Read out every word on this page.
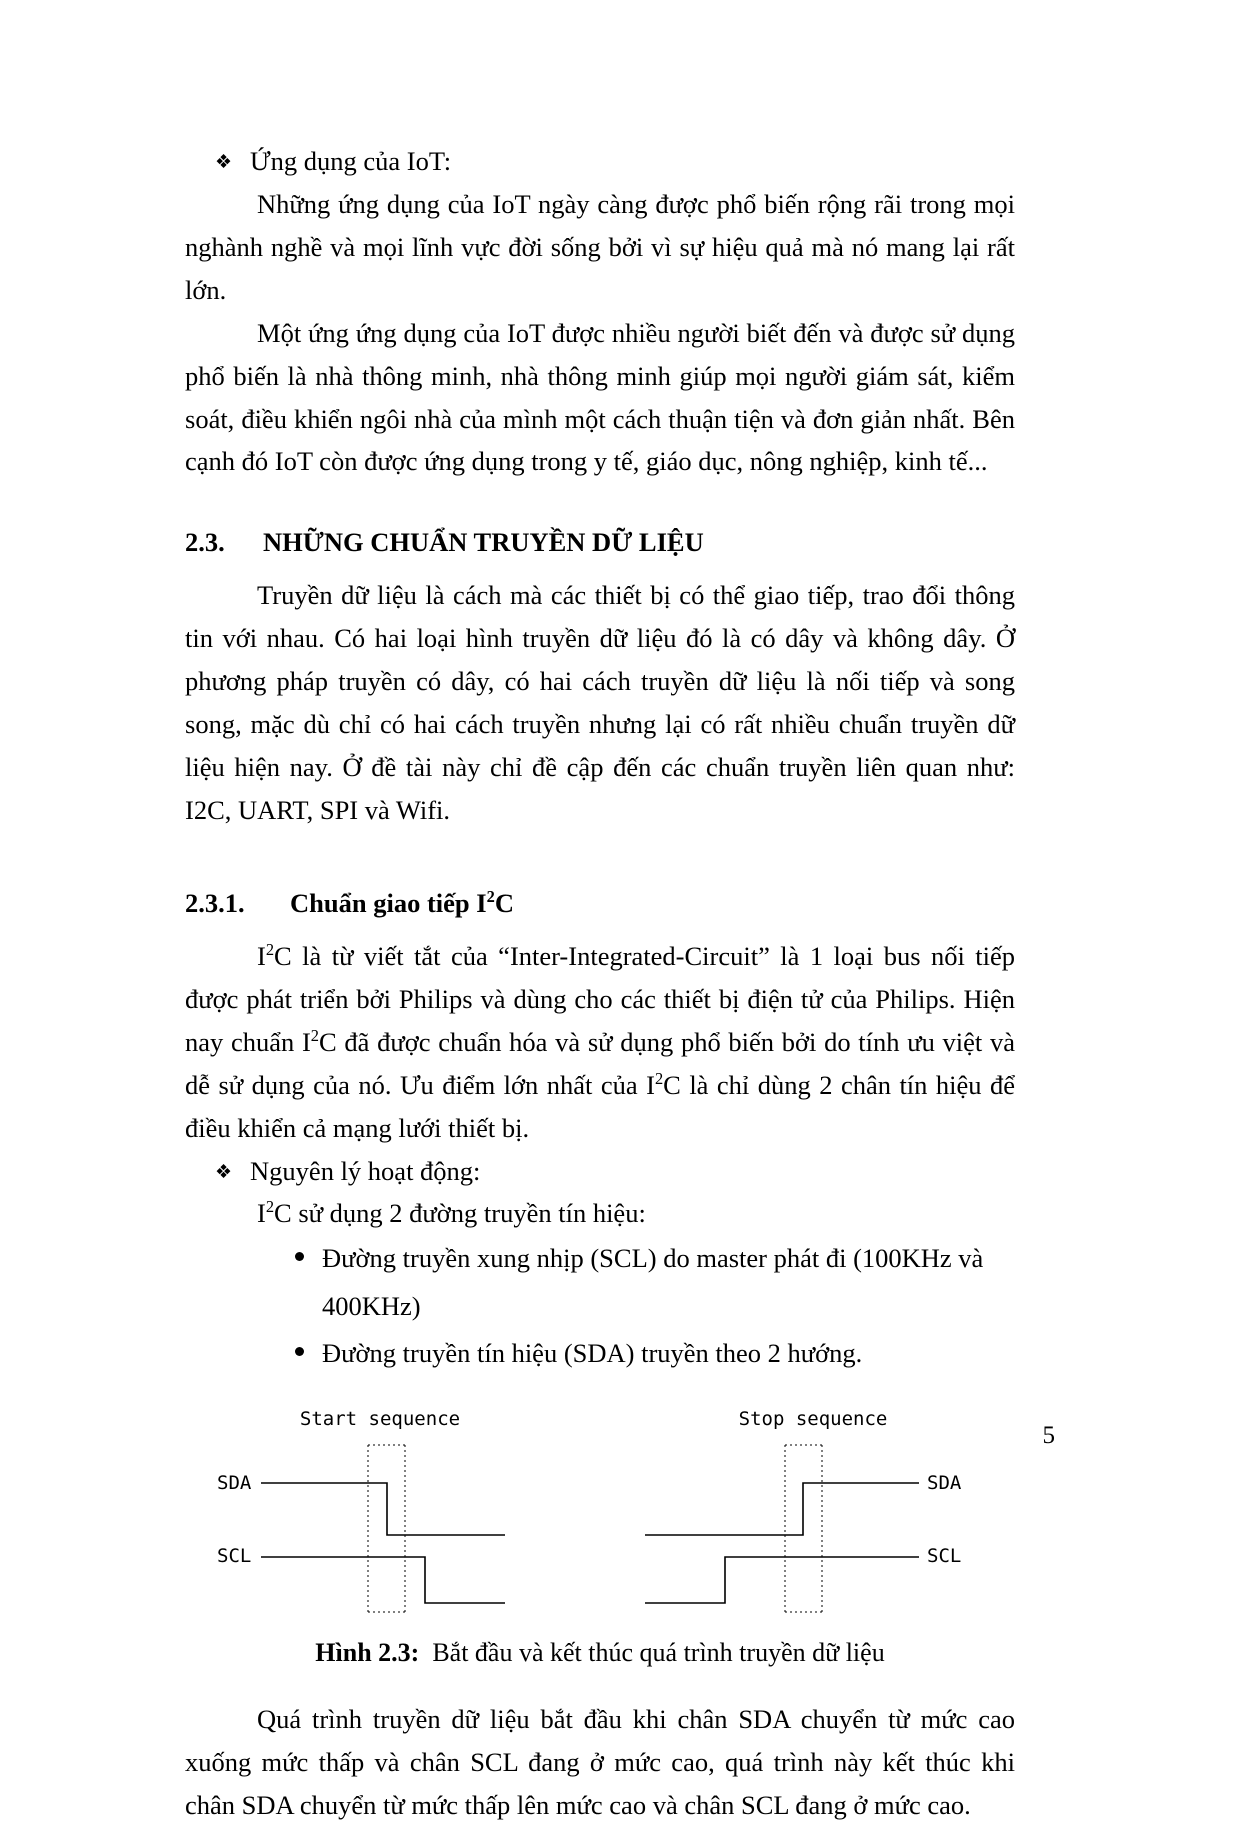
❖ Ứng dụng của IoT:

Những ứng dụng của IoT ngày càng được phổ biến rộng rãi trong mọi nghành nghề và mọi lĩnh vực đời sống bởi vì sự hiệu quả mà nó mang lại rất lớn.

Một ứng ứng dụng của IoT được nhiều người biết đến và được sử dụng phổ biến là nhà thông minh, nhà thông minh giúp mọi người giám sát, kiểm soát, điều khiển ngôi nhà của mình một cách thuận tiện và đơn giản nhất. Bên cạnh đó IoT còn được ứng dụng trong y tế, giáo dục, nông nghiệp, kinh tế...

2.3.	NHỮNG CHUẨN TRUYỀN DỮ LIỆU

Truyền dữ liệu là cách mà các thiết bị có thể giao tiếp, trao đổi thông tin với nhau. Có hai loại hình truyền dữ liệu đó là có dây và không dây. Ở phương pháp truyền có dây, có hai cách truyền dữ liệu là nối tiếp và song song, mặc dù chỉ có hai cách truyền nhưng lại có rất nhiều chuẩn truyền dữ liệu hiện nay. Ở đề tài này chỉ đề cập đến các chuẩn truyền liên quan như: I2C, UART, SPI và Wifi.

2.3.1.	Chuẩn giao tiếp $I^2C$

$I^2C$ là từ viết tắt của “Inter-Integrated-Circuit” là 1 loại bus nối tiếp được phát triển bởi Philips và dùng cho các thiết bị điện tử của Philips. Hiện nay chuẩn $I^2C$ đã được chuẩn hóa và sử dụng phổ biến bởi do tính ưu việt và dễ sử dụng của nó. Ưu điểm lớn nhất của $I^2C$ là chỉ dùng 2 chân tín hiệu để điều khiển cả mạng lưới thiết bị.

❖ Nguyên lý hoạt động:

$I^2C$ sử dụng 2 đường truyền tín hiệu:

Đường truyền xung nhịp (SCL) do master phát đi (100KHz và 400KHz)
Đường truyền tín hiệu (SDA) truyền theo 2 hướng.
Start sequence	Stop sequence
SDA
SCL
SDA
SCL

Hình 2.3: Bắt đầu và kết thúc quá trình truyền dữ liệu

Quá trình truyền dữ liệu bắt đầu khi chân SDA chuyển từ mức cao xuống mức thấp và chân SCL đang ở mức cao, quá trình này kết thúc khi chân SDA chuyển từ mức thấp lên mức cao và chân SCL đang ở mức cao.

5
